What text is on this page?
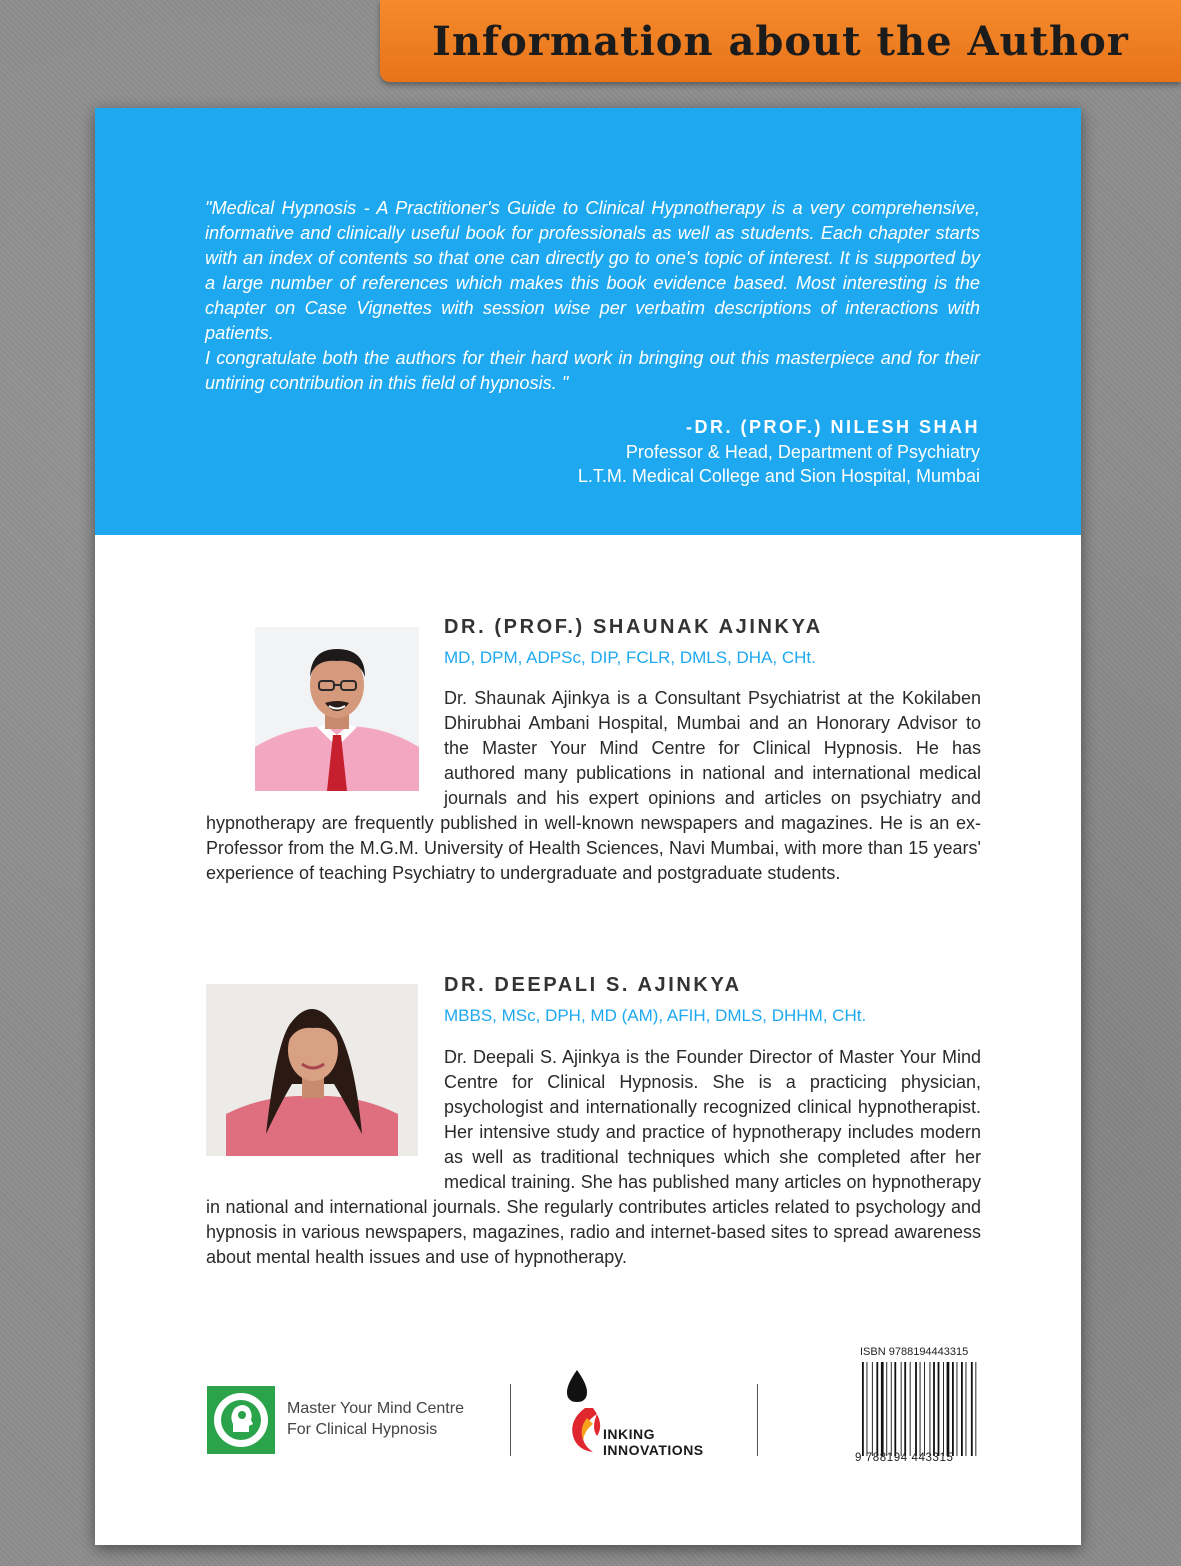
Information about the Author

"Medical Hypnosis - A Practitioner's Guide to Clinical Hypnotherapy is a very comprehensive, informative and clinically useful book for professionals as well as students. Each chapter starts with an index of contents so that one can directly go to one's topic of interest. It is supported by a large number of references which makes this book evidence based. Most interesting is the chapter on Case Vignettes with session wise per verbatim descriptions of interactions with patients.

I congratulate both the authors for their hard work in bringing out this masterpiece and for their untiring contribution in this field of hypnosis. "

-DR. (PROF.) NILESH SHAH
Professor & Head, Department of Psychiatry
L.T.M. Medical College and Sion Hospital, Mumbai
DR. (PROF.) SHAUNAK AJINKYA
MD, DPM, ADPSc, DIP, FCLR, DMLS, DHA, CHt.
Dr. Shaunak Ajinkya is a Consultant Psychiatrist at the Kokilaben Dhirubhai Ambani Hospital, Mumbai and an Honorary Advisor to the Master Your Mind Centre for Clinical Hypnosis. He has authored many publications in national and international medical journals and his expert opinions and articles on psychiatry and hypnotherapy are frequently published in well-known newspapers and magazines. He is an ex-Professor from the M.G.M. University of Health Sciences, Navi Mumbai, with more than 15 years' experience of teaching Psychiatry to undergraduate and postgraduate students.
DR. DEEPALI S. AJINKYA
MBBS, MSc, DPH, MD (AM), AFIH, DMLS, DHHM, CHt.
Dr. Deepali S. Ajinkya is the Founder Director of Master Your Mind Centre for Clinical Hypnosis. She is a practicing physician, psychologist and internationally recognized clinical hypnotherapist. Her intensive study and practice of hypnotherapy includes modern as well as traditional techniques which she completed after her medical training. She has published many articles on hypnotherapy in national and international journals. She regularly contributes articles related to psychology and hypnosis in various newspapers, magazines, radio and internet-based sites to spread awareness about mental health issues and use of hypnotherapy.
Master Your Mind Centre
For Clinical Hypnosis	INKING
INNOVATIONS
ISBN 9788194443315
9 788194 443315
